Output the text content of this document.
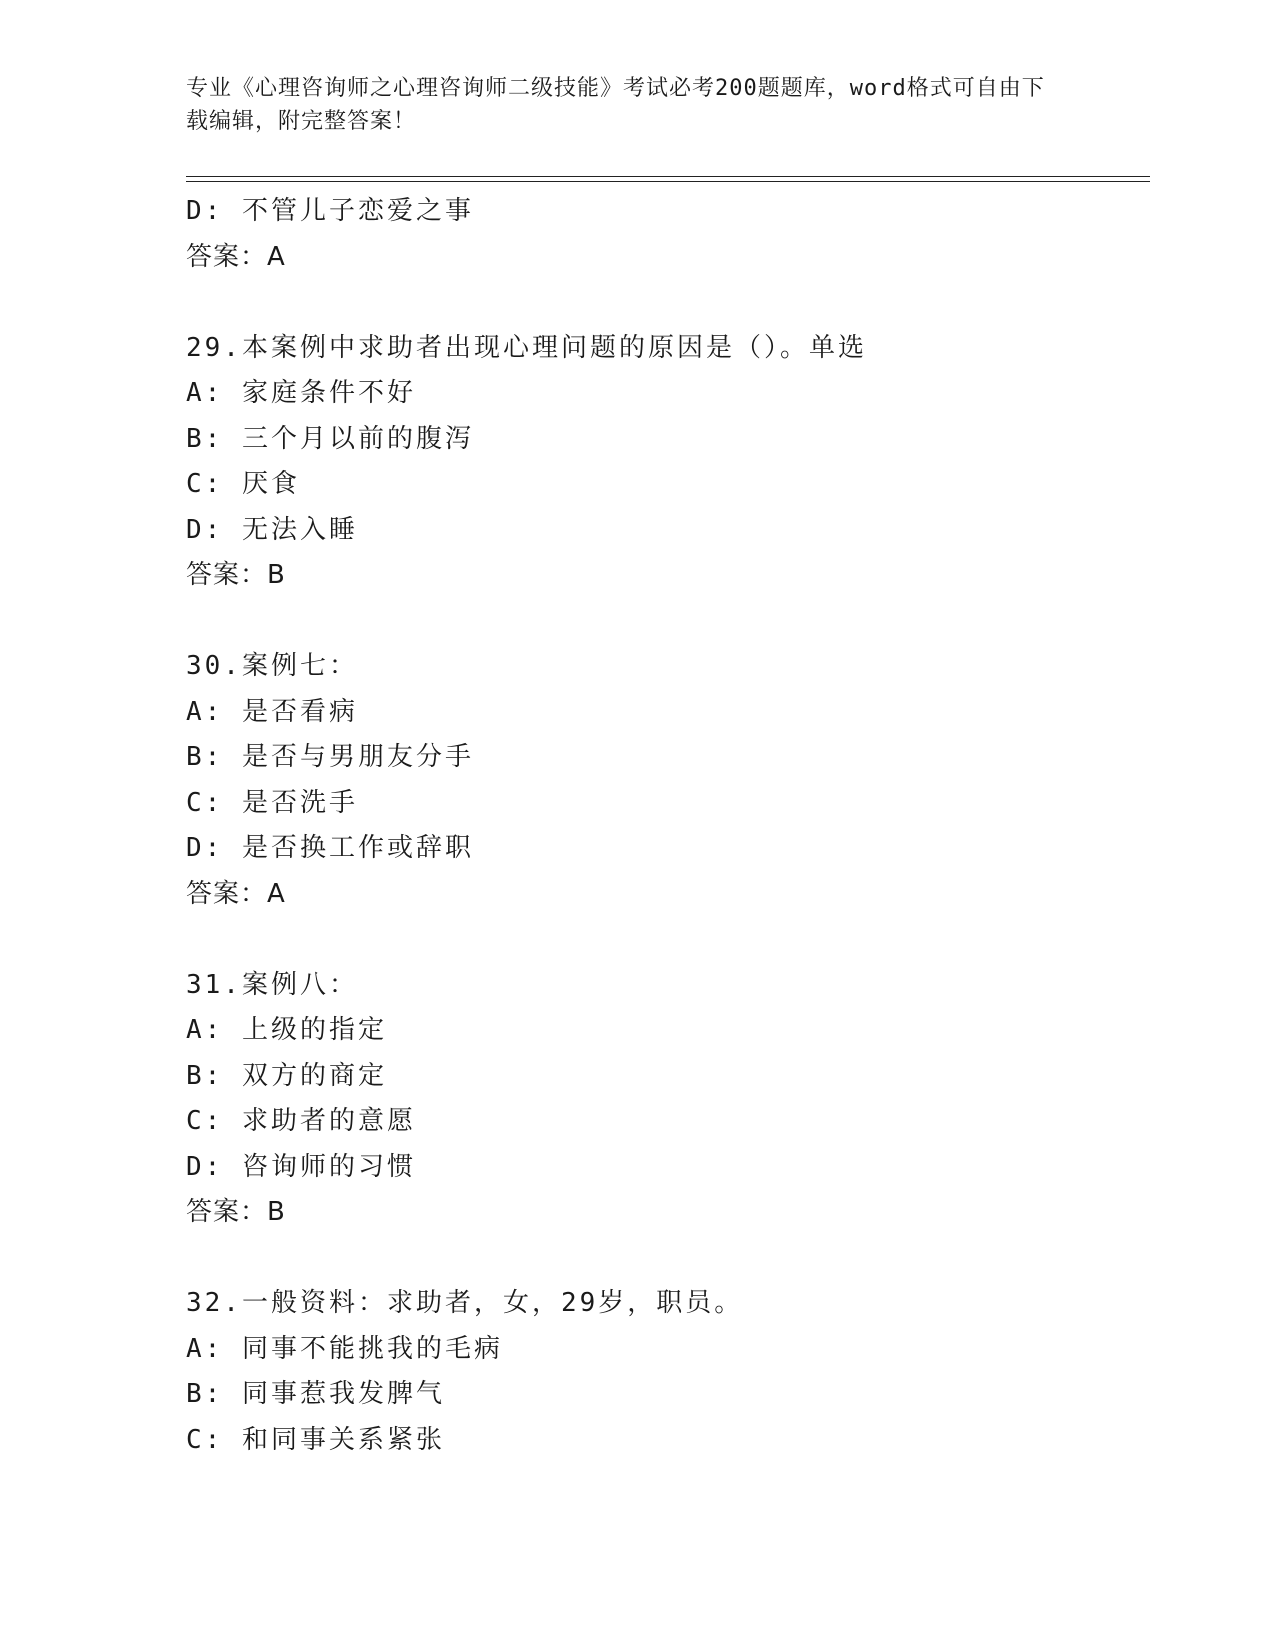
专业《心理咨询师之心理咨询师二级技能》考试必考200题题库，word格式可自由下载编辑，附完整答案！
D: 不管儿子恋爱之事
答案：A
29.本案例中求助者出现心理问题的原因是（）。单选
A: 家庭条件不好
B: 三个月以前的腹泻
C: 厌食
D: 无法入睡
答案：B
30.案例七：
A: 是否看病
B: 是否与男朋友分手
C: 是否洗手
D: 是否换工作或辞职
答案：A
31.案例八：
A: 上级的指定
B: 双方的商定
C: 求助者的意愿
D: 咨询师的习惯
答案：B
32.一般资料：求助者，女，29岁，职员。
A: 同事不能挑我的毛病
B: 同事惹我发脾气
C: 和同事关系紧张
